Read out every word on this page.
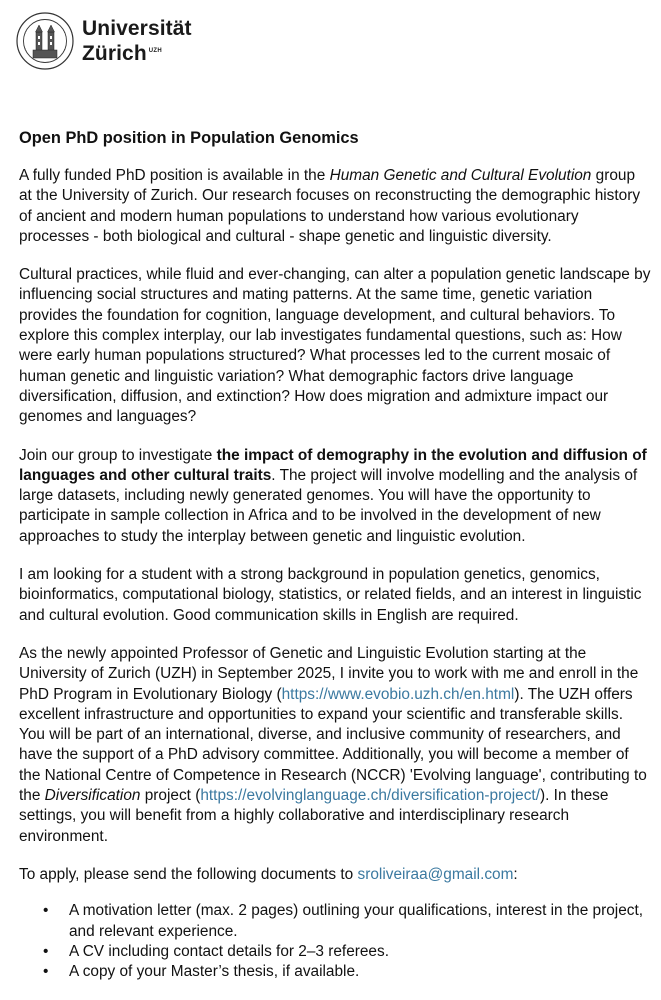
Universität
Zürich $^{UZH}$
Open PhD position in Population Genomics

A fully funded PhD position is available in the Human Genetic and Cultural Evolution group at the University of Zurich. Our research focuses on reconstructing the demographic history of ancient and modern human populations to understand how various evolutionary processes - both biological and cultural - shape genetic and linguistic diversity.

Cultural practices, while fluid and ever-changing, can alter a population genetic landscape by influencing social structures and mating patterns. At the same time, genetic variation provides the foundation for cognition, language development, and cultural behaviors. To explore this complex interplay, our lab investigates fundamental questions, such as: How were early human populations structured? What processes led to the current mosaic of human genetic and linguistic variation? What demographic factors drive language diversification, diffusion, and extinction? How does migration and admixture impact our genomes and languages?

Join our group to investigate the impact of demography in the evolution and diffusion of languages and other cultural traits. The project will involve modelling and the analysis of large datasets, including newly generated genomes. You will have the opportunity to participate in sample collection in Africa and to be involved in the development of new approaches to study the interplay between genetic and linguistic evolution.

I am looking for a student with a strong background in population genetics, genomics, bioinformatics, computational biology, statistics, or related fields, and an interest in linguistic and cultural evolution. Good communication skills in English are required.

As the newly appointed Professor of Genetic and Linguistic Evolution starting at the University of Zurich (UZH) in September 2025, I invite you to work with me and enroll in the PhD Program in Evolutionary Biology (https://www.evobio.uzh.ch/en.html). The UZH offers excellent infrastructure and opportunities to expand your scientific and transferable skills. You will be part of an international, diverse, and inclusive community of researchers, and have the support of a PhD advisory committee. Additionally, you will become a member of the National Centre of Competence in Research (NCCR) 'Evolving language', contributing to the Diversification project (https://evolvinglanguage.ch/diversification-project/). In these settings, you will benefit from a highly collaborative and interdisciplinary research environment.

To apply, please send the following documents to sroliveiraa@gmail.com:

• A motivation letter (max. 2 pages) outlining your qualifications, interest in the project, and relevant experience.
• A CV including contact details for 2–3 referees.
• A copy of your Master’s thesis, if available.
